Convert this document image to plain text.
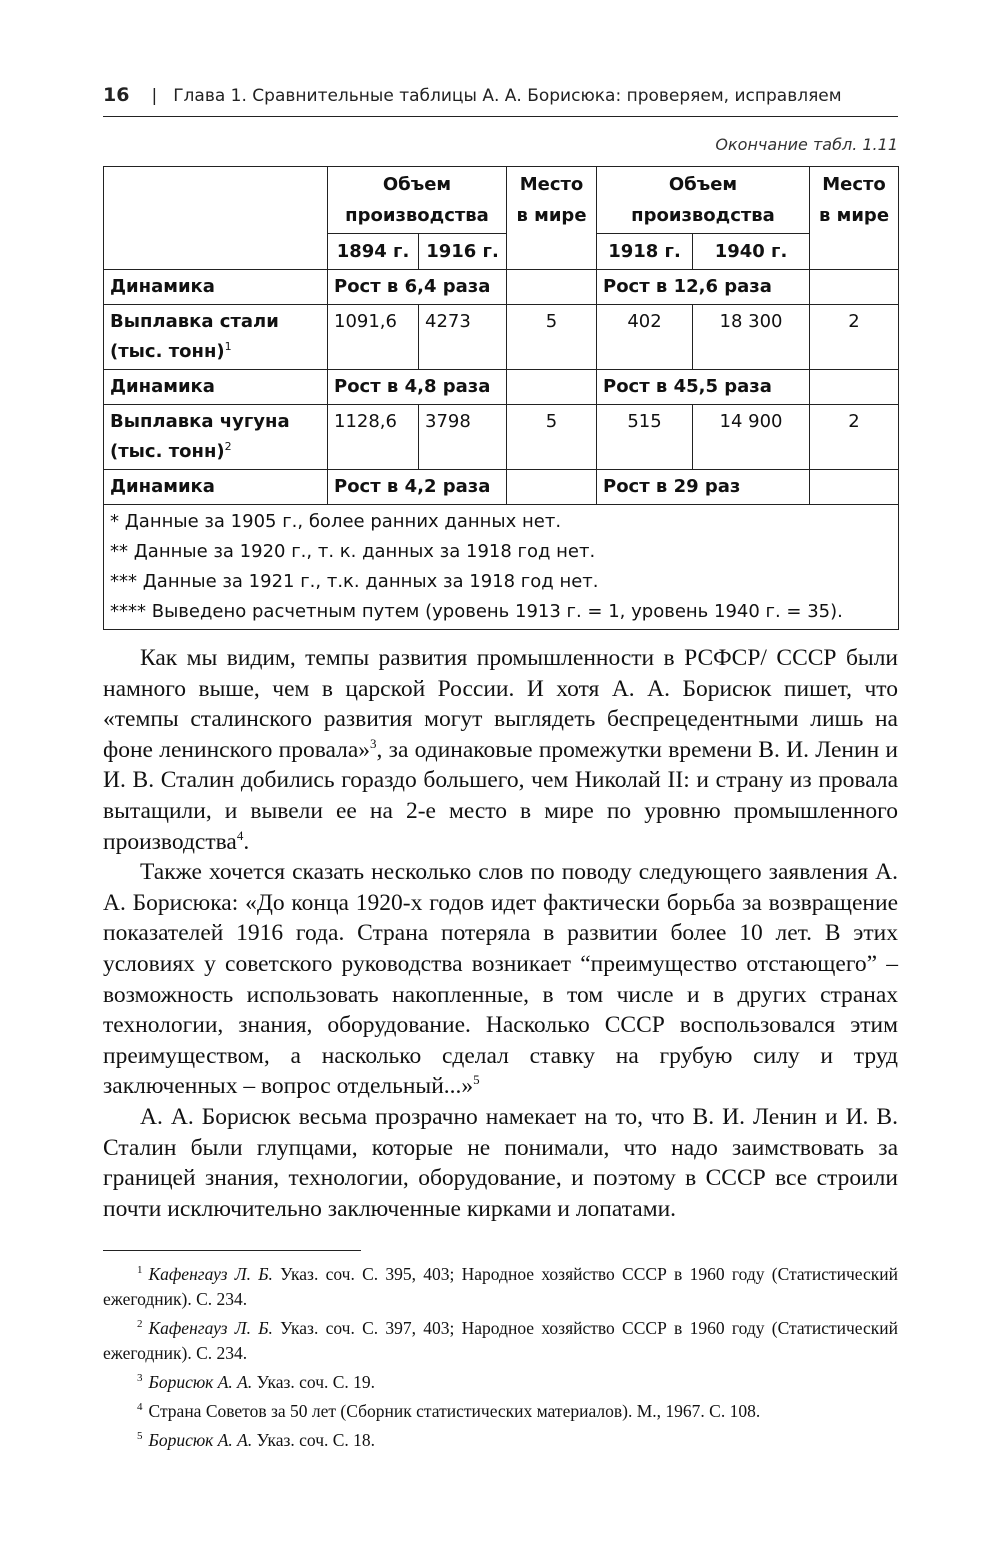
16 | Глава 1. Сравнительные таблицы А. А. Борисюка: проверяем, исправляем
Окончание табл. 1.11
	Объем производства		Место в мире	Объем производства		Место в мире
	1894 г.	1916 г.		1918 г.	1940 г.	
Динамика	Рост в 6,4 раза			Рост в 12,6 раза		
Выплавка стали (тыс. тонн)$^1$	1091,6	4273	5	402	18 300	2
Динамика	Рост в 4,8 раза			Рост в 45,5 раза		
Выплавка чугуна (тыс. тонн)$^2$	1128,6	3798	5	515	14 900	2
Динамика	Рост в 4,2 раза			Рост в 29 раз		

* Данные за 1905 г., более ранних данных нет.
** Данные за 1920 г., т. к. данных за 1918 год нет.
*** Данные за 1921 г., т.к. данных за 1918 год нет.
**** Выведено расчетным путем (уровень 1913 г. = 1, уровень 1940 г. = 35).						

Как мы видим, темпы развития промышленности в РСФСР/ СССР были намного выше, чем в царской России. И хотя А. А. Борисюк пишет, что «темпы сталинского развития могут выглядеть беспрецедентными лишь на фоне ленинского провала»$^3$, за одинаковые промежутки времени В. И. Ленин и И. В. Сталин добились гораздо большего, чем Николай II: и страну из провала вытащили, и вывели ее на 2-е место в мире по уровню промышленного производства$^4$.

Также хочется сказать несколько слов по поводу следующего заявления А. А. Борисюка: «До конца 1920-х годов идет фактически борьба за возвращение показателей 1916 года. Страна потеряла в развитии более 10 лет. В этих условиях у советского руководства возникает “преимущество отстающего” – возможность использовать накопленные, в том числе и в других странах технологии, знания, оборудование. Насколько СССР воспользовался этим преимуществом, а насколько сделал ставку на грубую силу и труд заключенных – вопрос отдельный...»$^5$

А. А. Борисюк весьма прозрачно намекает на то, что В. И. Ленин и И. В. Сталин были глупцами, которые не понимали, что надо заимствовать за границей знания, технологии, оборудование, и поэтому в СССР все строили почти исключительно заключенные кирками и лопатами.

$^1$ Кафенгауз Л. Б. Указ. соч. С. 395, 403; Народное хозяйство СССР в 1960 году (Статистический ежегодник). С. 234.
$^2$ Кафенгауз Л. Б. Указ. соч. С. 397, 403; Народное хозяйство СССР в 1960 году (Статистический ежегодник). С. 234.
$^3$ Борисюк А. А. Указ. соч. С. 19.
$^4$ Страна Советов за 50 лет (Сборник статистических материалов). М., 1967. С. 108.
$^5$ Борисюк А. А. Указ. соч. С. 18.
